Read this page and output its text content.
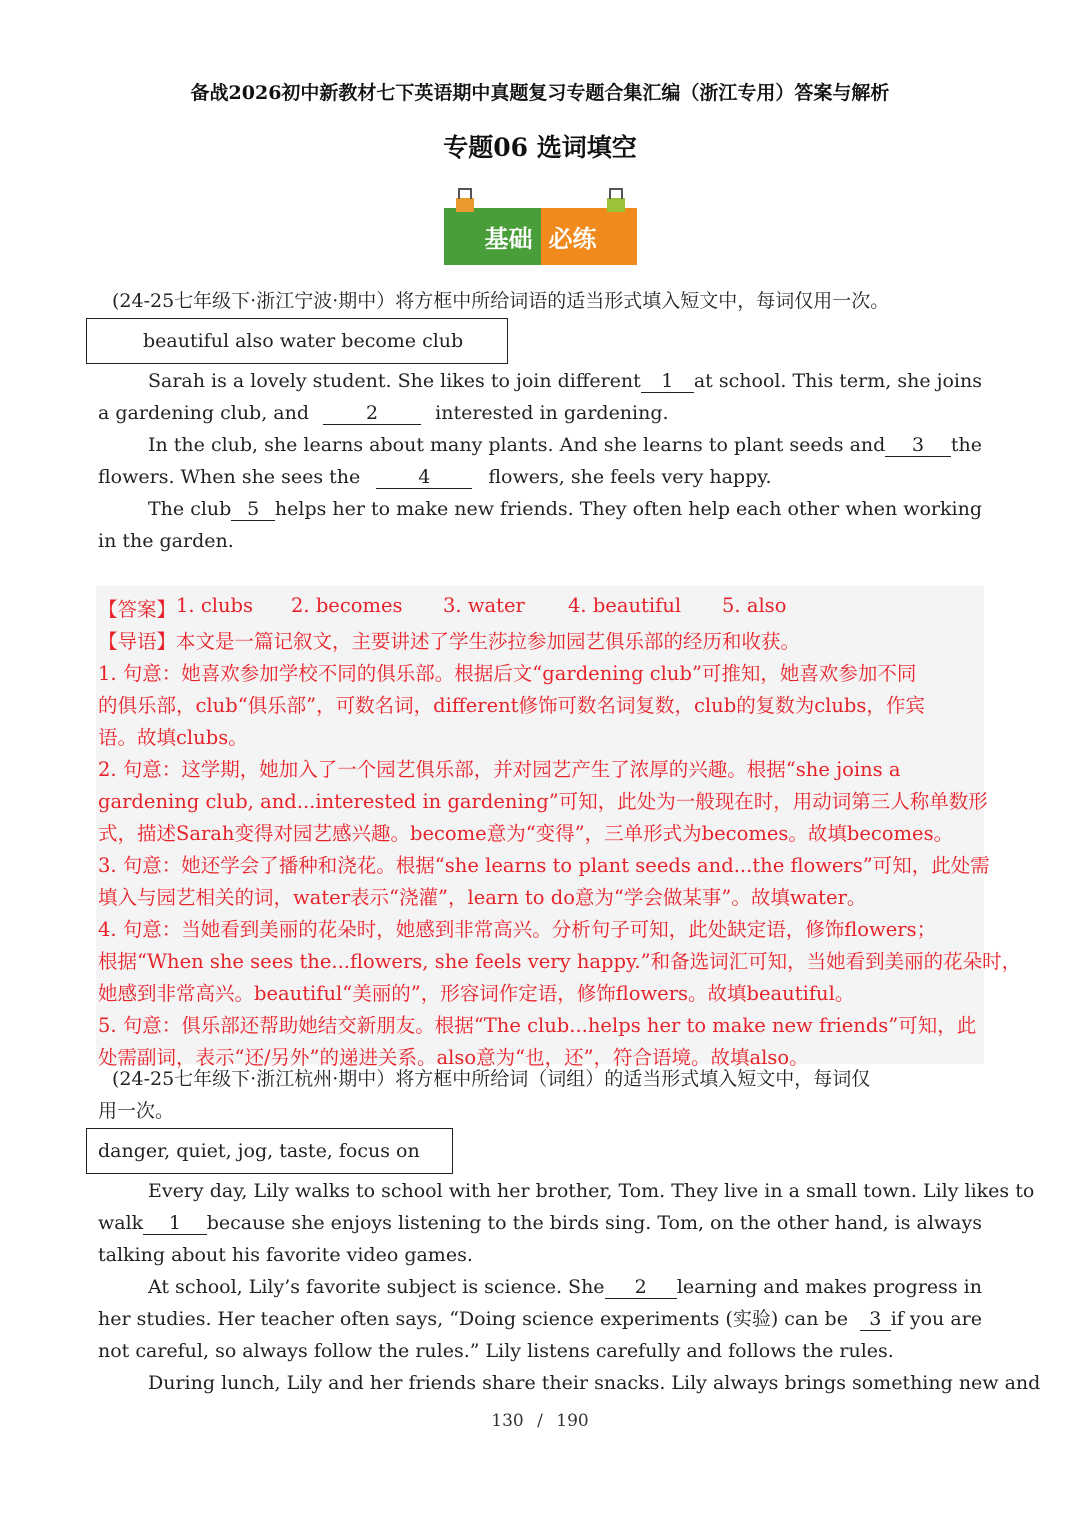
备战2026初中新教材七下英语期中真题复习专题合集汇编（浙江专用）答案与解析
专题06 选词填空
基础 必练
(24-25七年级下·浙江宁波·期中）将方框中所给词语的适当形式填入短文中，每词仅用一次。
beautiful also water become club
Sarah is a lovely student. She likes to join different	1	at school. This term, she joins
a gardening club, and	2	interested in gardening.
In the club, she learns about many plants. And she learns to plant seeds and	3	the
flowers. When she sees the	4	flowers, she feels very happy.
The club 5 helps her to make new friends. They often help each other when working
in the garden.
【答案】 1. clubs	2. becomes	3. water	4. beautiful	5. also
【导语】本文是一篇记叙文，主要讲述了学生莎拉参加园艺俱乐部的经历和收获。
1. 句意：她喜欢参加学校不同的俱乐部。根据后文“gardening club”可推知，她喜欢参加不同
的俱乐部，club“俱乐部”，可数名词，different修饰可数名词复数，club的复数为clubs，作宾
语。故填clubs。
2. 句意：这学期，她加入了一个园艺俱乐部，并对园艺产生了浓厚的兴趣。根据“she joins a
gardening club, and...interested in gardening”可知，此处为一般现在时，用动词第三人称单数形
式，描述Sarah变得对园艺感兴趣。become意为“变得”，三单形式为becomes。故填becomes。
3. 句意：她还学会了播种和浇花。根据“she learns to plant seeds and...the flowers”可知，此处需
填入与园艺相关的词，water表示“浇灌”，learn to do意为“学会做某事”。故填water。
4. 句意：当她看到美丽的花朵时，她感到非常高兴。分析句子可知，此处缺定语，修饰flowers；
根据“When she sees the...flowers, she feels very happy.”和备选词汇可知，当她看到美丽的花朵时，
她感到非常高兴。beautiful“美丽的”，形容词作定语，修饰flowers。故填beautiful。
5. 句意：俱乐部还帮助她结交新朋友。根据“The club...helps her to make new friends”可知，此
处需副词，表示“还/另外”的递进关系。also意为“也，还”，符合语境。故填also。
(24-25七年级下·浙江杭州·期中）将方框中所给词（词组）的适当形式填入短文中，每词仅
用一次。
danger, quiet, jog, taste, focus on
Every day, Lily walks to school with her brother, Tom. They live in a small town. Lily likes to
walk	1	because she enjoys listening to the birds sing. Tom, on the other hand, is always
talking about his favorite video games.
At school, Lily’s favorite subject is science. She	2	learning and makes progress in
her studies. Her teacher often says, “Doing science experiments (实验) can be	3 if you are
not careful, so always follow the rules.” Lily listens carefully and follows the rules.
During lunch, Lily and her friends share their snacks. Lily always brings something new and
130 / 190
